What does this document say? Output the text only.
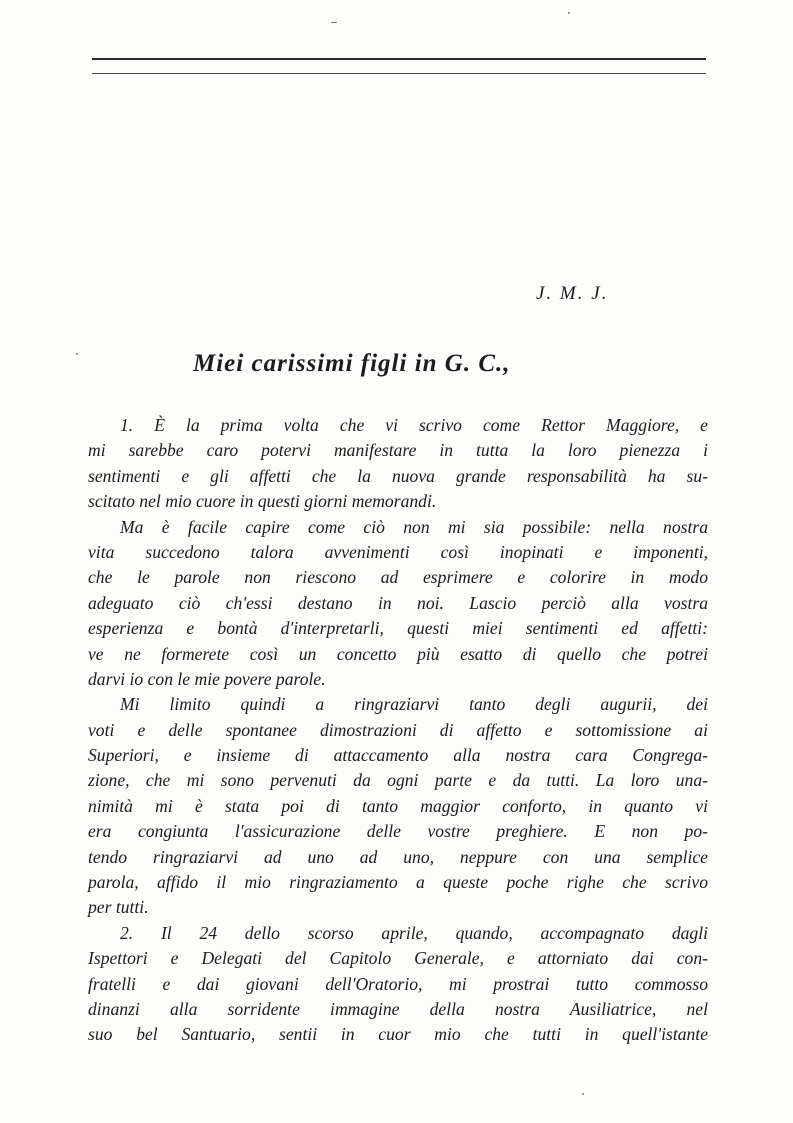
J. M. J.
Miei carissimi figli in G. C.,
1. È la prima volta che vi scrivo come Rettor Maggiore, e
mi sarebbe caro potervi manifestare in tutta la loro pienezza i
sentimenti e gli affetti che la nuova grande responsabilità ha su-
scitato nel mio cuore in questi giorni memorandi.
Ma è facile capire come ciò non mi sia possibile: nella nostra
vita succedono talora avvenimenti così inopinati e imponenti,
che le parole non riescono ad esprimere e colorire in modo
adeguato ciò ch'essi destano in noi. Lascio perciò alla vostra
esperienza e bontà d'interpretarli, questi miei sentimenti ed affetti:
ve ne formerete così un concetto più esatto di quello che potrei
darvi io con le mie povere parole.
Mi limito quindi a ringraziarvi tanto degli augurii, dei
voti e delle spontanee dimostrazioni di affetto e sottomissione ai
Superiori, e insieme di attaccamento alla nostra cara Congrega-
zione, che mi sono pervenuti da ogni parte e da tutti. La loro una-
nimità mi è stata poi di tanto maggior conforto, in quanto vi
era congiunta l'assicurazione delle vostre preghiere. E non po-
tendo ringraziarvi ad uno ad uno, neppure con una semplice
parola, affido il mio ringraziamento a queste poche righe che scrivo
per tutti.
2. Il 24 dello scorso aprile, quando, accompagnato dagli
Ispettori e Delegati del Capitolo Generale, e attorniato dai con-
fratelli e dai giovani dell'Oratorio, mi prostrai tutto commosso
dinanzi alla sorridente immagine della nostra Ausiliatrice, nel
suo bel Santuario, sentii in cuor mio che tutti in quell'istante
